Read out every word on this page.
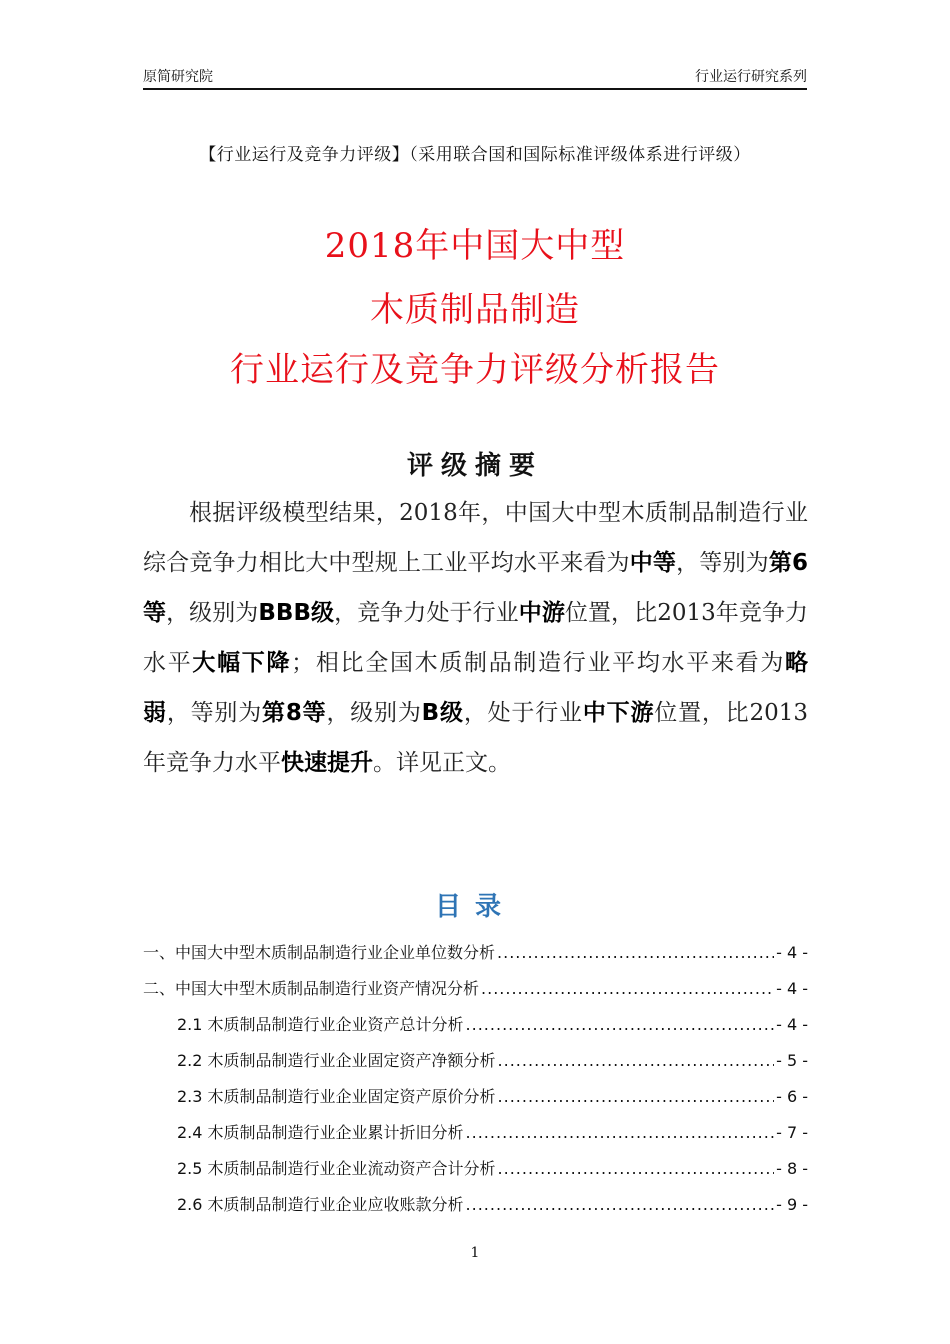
原简研究院	行业运行研究系列
【行业运行及竞争力评级】（采用联合国和国际标准评级体系进行评级）
2018年中国大中型
木质制品制造
行业运行及竞争力评级分析报告
评级摘要
根据评级模型结果，2018年，中国大中型木质制品制造行业综合竞争力相比大中型规上工业平均水平来看为中等，等别为第6等，级别为BBB级，竞争力处于行业中游位置，比2013年竞争力水平大幅下降；相比全国木质制品制造行业平均水平来看为略弱，等别为第8等，级别为B级，处于行业中下游位置，比2013年竞争力水平快速提升。详见正文。
目录
一、中国大中型木质制品制造行业企业单位数分析 .....	- 4 -
二、中国大中型木质制品制造行业资产情况分析 .....	- 4 -
2.1 木质制品制造行业企业资产总计分析 .....	- 4 -
2.2 木质制品制造行业企业固定资产净额分析 .....	- 5 -
2.3 木质制品制造行业企业固定资产原价分析 .....	- 6 -
2.4 木质制品制造行业企业累计折旧分析 .....	- 7 -
2.5 木质制品制造行业企业流动资产合计分析 .....	- 8 -
2.6 木质制品制造行业企业应收账款分析 .....	- 9 -
1
